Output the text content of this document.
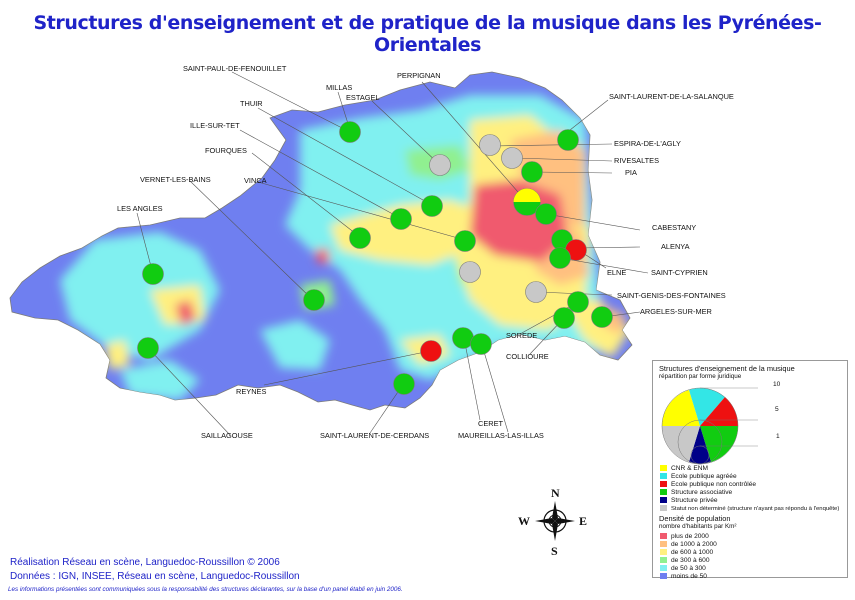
Structures d'enseignement et de pratique de la musique dans les Pyrénées-Orientales
SAINT-PAUL-DE-FENOUILLET
MILLAS
PERPIGNAN
SAINT-LAURENT-DE-LA-SALANQUE
THUIR
ESTAGEL
ESPIRA-DE-L'AGLY
ILLE-SUR-TET
RIVESALTES
FOURQUES
PIA
VINCA
VERNET-LES-BAINS
CABESTANY
LES ANGLES
ALENYA
ELNE	SAINT-CYPRIEN
SAINT-GENIS-DES-FONTAINES
ARGELES-SUR-MER
SOREDE
COLLIOURE
REYNES
CERET
MAUREILLAS-LAS-ILLAS
SAINT-LAURENT-DE-CERDANS
SAILLAGOUSE
N
S
E
W
Structures d'enseignement de la musique
répartition par forme juridique
10
5
1
CNR & ENM
Ecole publique agréée
Ecole publique non contrôlée
Structure associative
Structure privée
Statut non déterminé (structure n'ayant pas répondu à l'enquête)
Densité de population
nombre d'habitants par Km²
plus de 2000
de 1000 à 2000
de 600 à 1000
de 300 à 600
de 50 à 300
moins de 50
Réalisation Réseau en scène, Languedoc-Roussillon © 2006
Données : IGN, INSEE, Réseau en scène, Languedoc-Roussillon
Les informations présentées sont communiquées sous la responsabilité des structures déclarantes, sur la base d'un panel établi en juin 2006.
